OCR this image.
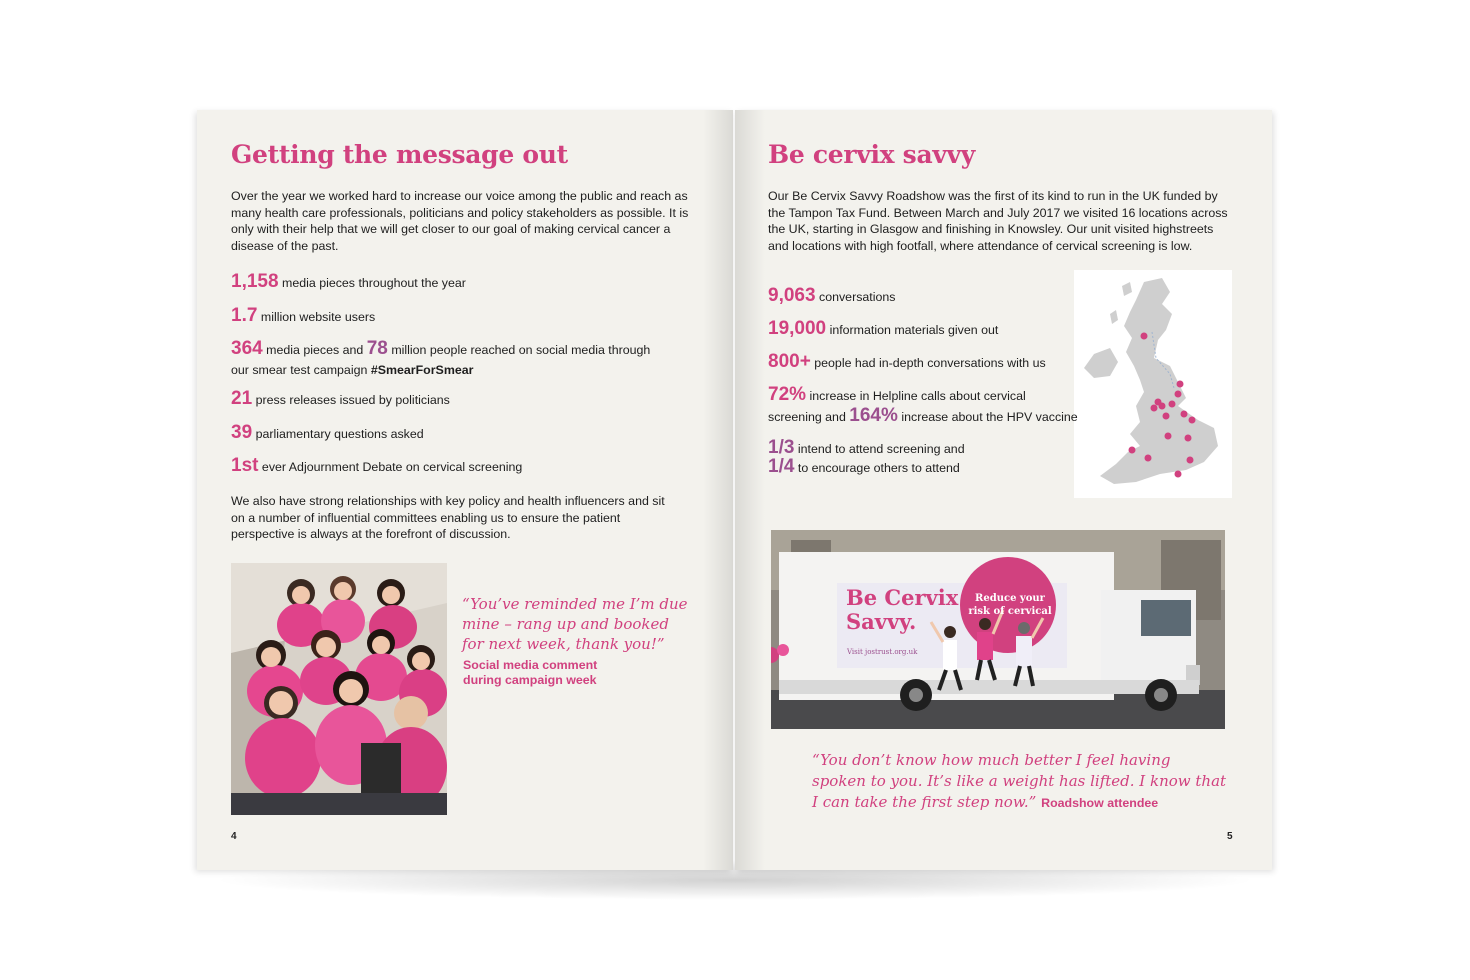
Getting the message out

Over the year we worked hard to increase our voice among the public and reach as many health care professionals, politicians and policy stakeholders as possible. It is only with their help that we will get closer to our goal of making cervical cancer a disease of the past.

1,158 media pieces throughout the year

1.7 million website users

364 media pieces and 78 million people reached on social media through

our smear test campaign #SmearForSmear

21 press releases issued by politicians

39 parliamentary questions asked

1st ever Adjournment Debate on cervical screening

We also have strong relationships with key policy and health influencers and sit on a number of influential committees enabling us to ensure the patient perspective is always at the forefront of discussion.

“You’ve reminded me I’m due mine – rang up and booked for next week, thank you!”

Social media comment

during campaign week

4
Be cervix savvy

Our Be Cervix Savvy Roadshow was the first of its kind to run in the UK funded by the Tampon Tax Fund. Between March and July 2017 we visited 16 locations across the UK, starting in Glasgow and finishing in Knowsley. Our unit visited highstreets and locations with high footfall, where attendance of cervical screening is low.

9,063 conversations

19,000 information materials given out

800+ people had in-depth conversations with us

72% increase in Helpline calls about cervical

screening and 164% increase about the HPV vaccine

1/3 intend to attend screening and

1/4 to encourage others to attend

Be Cervix
Savvy.
Reduce your
risk of cervical
Visit jostrust.org.uk

“You don’t know how much better I feel having spoken to you. It’s like a weight has lifted. I know that I can take the first step now.” Roadshow attendee

5
